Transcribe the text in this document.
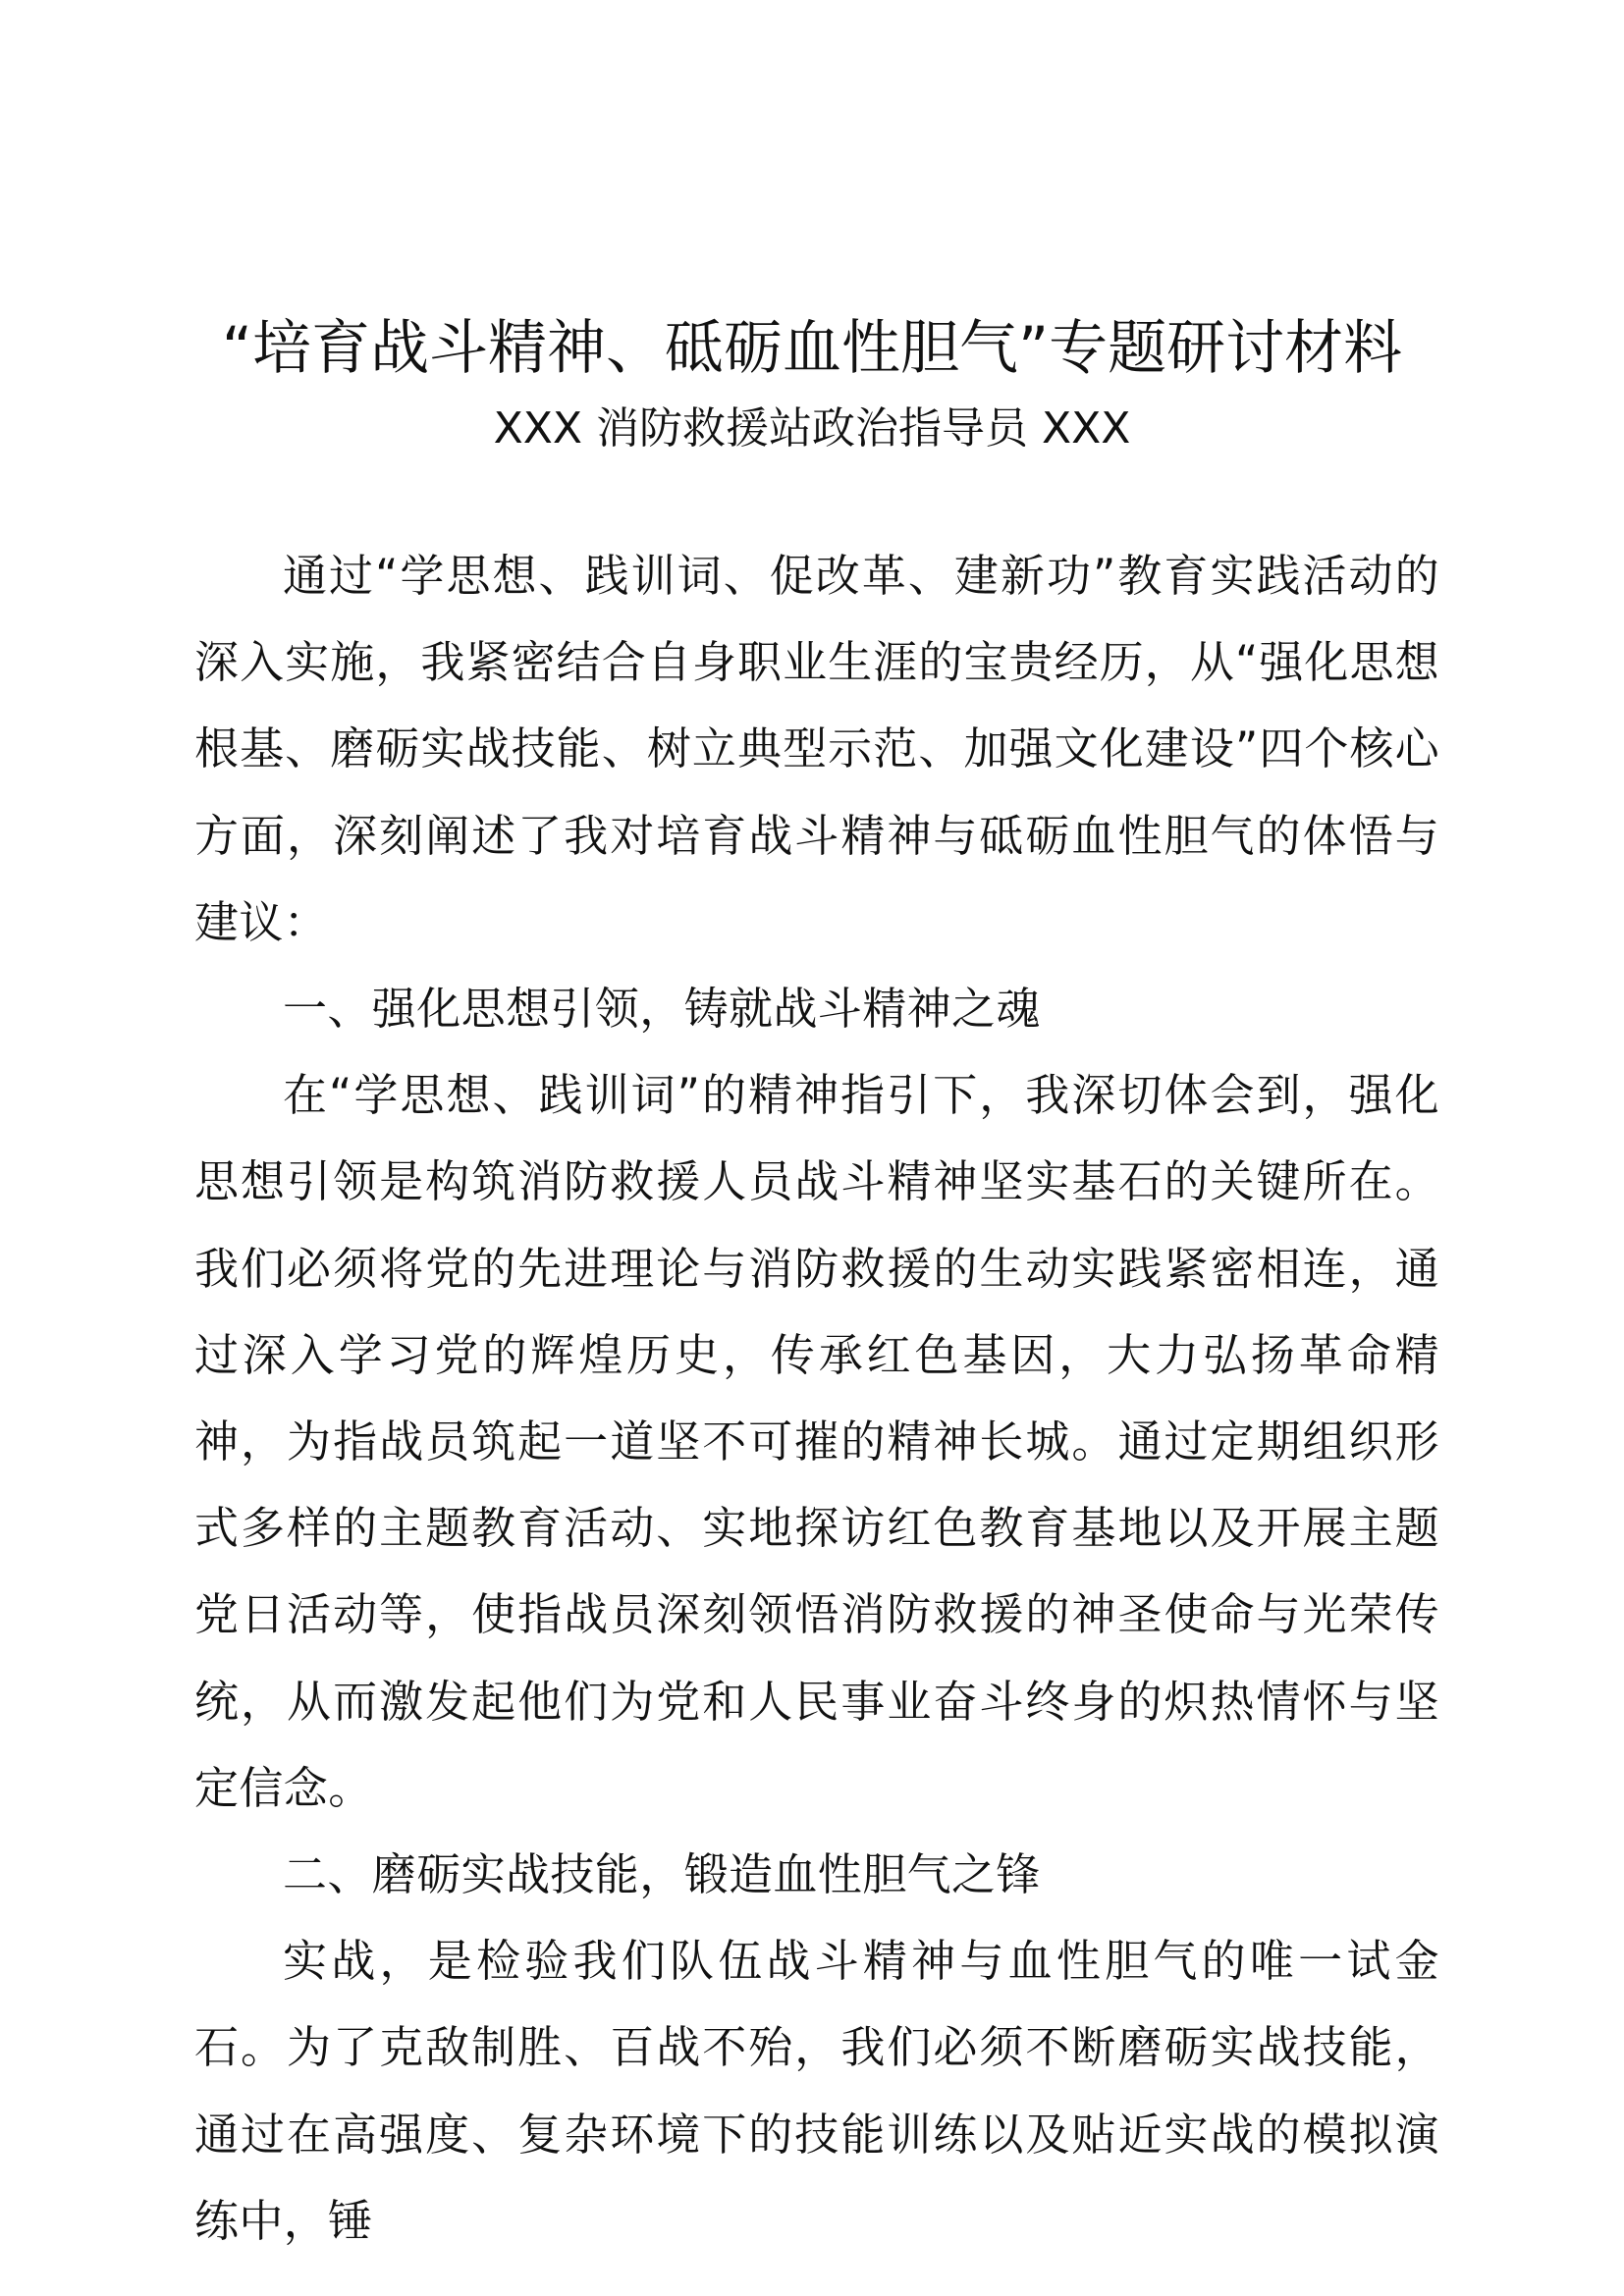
“培育战斗精神、砥砺血性胆气”专题研讨材料
XXX 消防救援站政治指导员 XXX

通过“学思想、践训词、促改革、建新功”教育实践活动的深入实施，我紧密结合自身职业生涯的宝贵经历，从“强化思想根基、磨砺实战技能、树立典型示范、加强文化建设”四个核心方面，深刻阐述了我对培育战斗精神与砥砺血性胆气的体悟与建议：

一、强化思想引领，铸就战斗精神之魂

在“学思想、践训词”的精神指引下，我深切体会到，强化思想引领是构筑消防救援人员战斗精神坚实基石的关键所在。我们必须将党的先进理论与消防救援的生动实践紧密相连，通过深入学习党的辉煌历史，传承红色基因，大力弘扬革命精神，为指战员筑起一道坚不可摧的精神长城。通过定期组织形式多样的主题教育活动、实地探访红色教育基地以及开展主题党日活动等，使指战员深刻领悟消防救援的神圣使命与光荣传统，从而激发起他们为党和人民事业奋斗终身的炽热情怀与坚定信念。

二、磨砺实战技能，锻造血性胆气之锋

实战，是检验我们队伍战斗精神与血性胆气的唯一试金石。为了克敌制胜、百战不殆，我们必须不断磨砺实战技能，通过在高强度、复杂环境下的技能训练以及贴近实战的模拟演练中，锤
